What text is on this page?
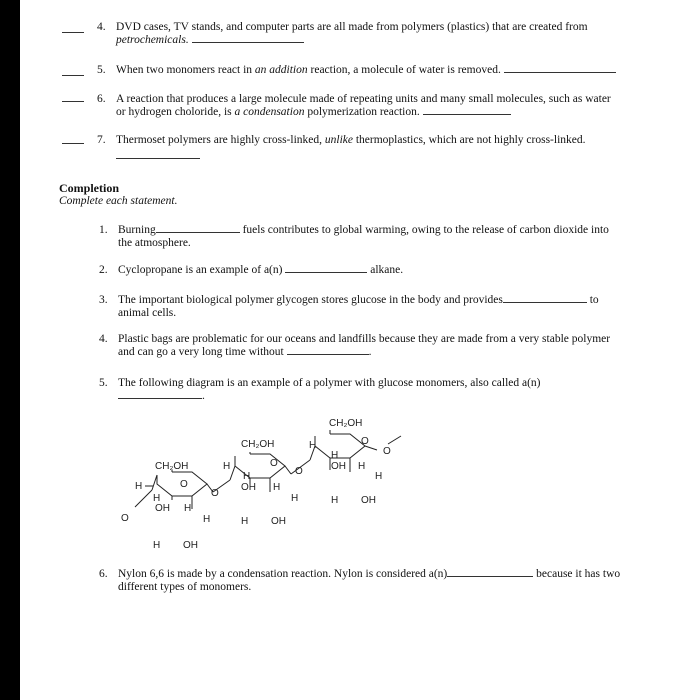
4. DVD cases, TV stands, and computer parts are all made from polymers (plastics) that are created from
petrochemicals.
5. When two monomers react in an addition reaction, a molecule of water is removed.
6. A reaction that produces a large molecule made of repeating units and many small molecules, such as water
or hydrogen choloride, is a condensation polymerization reaction.
7. Thermoset polymers are highly cross-linked, unlike thermoplastics, which are not highly cross-linked.
Completion
Complete each statement.
1. Burning	fuels contributes to global warming, owing to the release of carbon dioxide into
the atmosphere.
2. Cyclopropane is an example of a(n)	alkane.
3. The important biological polymer glycogen stores glucose in the body and provides	to
animal cells.
4. Plastic bags are problematic for our oceans and landfills because they are made from a very stable polymer
and can go a very long time without	.
5. The following diagram is an example of a polymer with glucose monomers, also called a(n)
.
CH₂OH
O
H
H
OH H
H
O
H OH
O
CH₂OH
O
H
H
OH H
H
H OH
O
CH₂OH
O
H
H
OH H
H
H OH
O
6. Nylon 6,6 is made by a condensation reaction. Nylon is considered a(n)	because it has two
different types of monomers.
